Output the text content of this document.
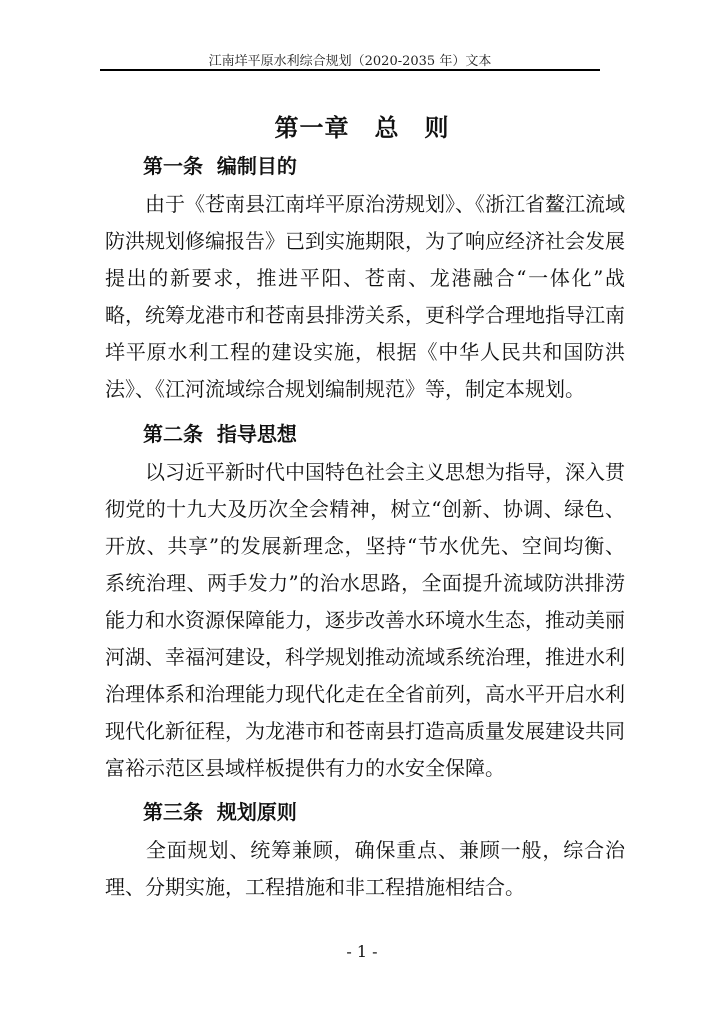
江南垟平原水利综合规划（2020-2035 年）文本
第一章　总　则
第一条  编制目的
由于《苍南县江南垟平原治涝规划》、《浙江省鳌江流域防洪规划修编报告》已到实施期限，为了响应经济社会发展提出的新要求，推进平阳、苍南、龙港融合“一体化”战略，统筹龙港市和苍南县排涝关系，更科学合理地指导江南垟平原水利工程的建设实施，根据《中华人民共和国防洪法》、《江河流域综合规划编制规范》等，制定本规划。
第二条  指导思想
以习近平新时代中国特色社会主义思想为指导，深入贯彻党的十九大及历次全会精神，树立“创新、协调、绿色、开放、共享”的发展新理念，坚持“节水优先、空间均衡、系统治理、两手发力”的治水思路，全面提升流域防洪排涝能力和水资源保障能力，逐步改善水环境水生态，推动美丽河湖、幸福河建设，科学规划推动流域系统治理，推进水利治理体系和治理能力现代化走在全省前列，高水平开启水利现代化新征程，为龙港市和苍南县打造高质量发展建设共同富裕示范区县域样板提供有力的水安全保障。
第三条  规划原则
全面规划、统筹兼顾，确保重点、兼顾一般，综合治理、分期实施，工程措施和非工程措施相结合。
- 1 -
